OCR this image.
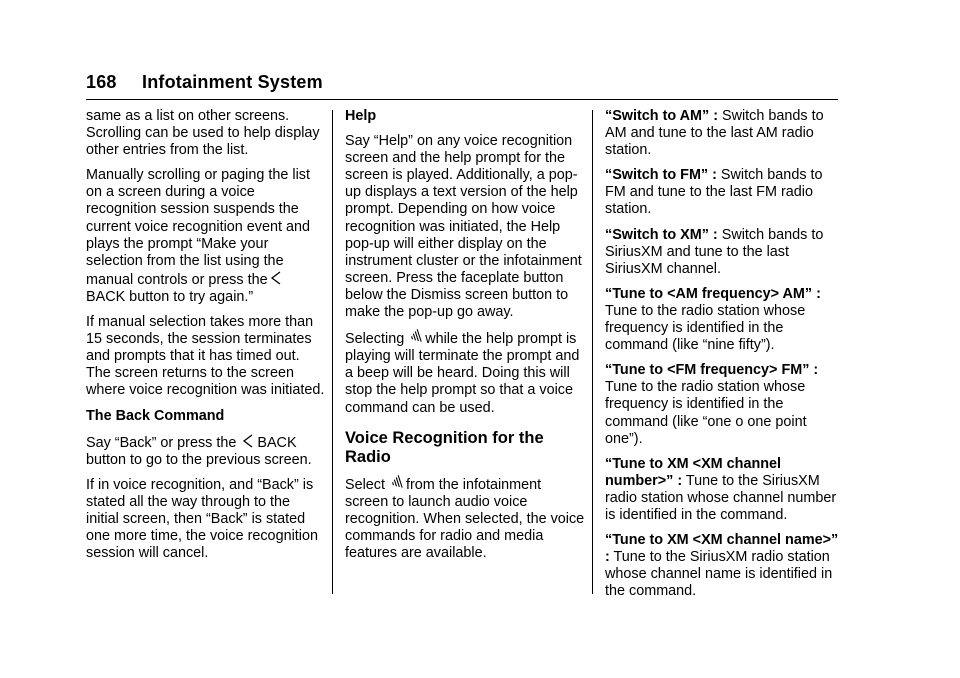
168 Infotainment System

same as a list on other screens. Scrolling can be used to help display other entries from the list.

Manually scrolling or paging the list on a screen during a voice recognition session suspends the current voice recognition event and plays the prompt “Make your selection from the list using the manual controls or press the

BACK button to try again.”

If manual selection takes more than 15 seconds, the session terminates and prompts that it has timed out. The screen returns to the screen where voice recognition was initiated.

The Back Command

Say “Back” or press the BACK button to go to the previous screen.

If in voice recognition, and “Back” is stated all the way through to the initial screen, then “Back” is stated one more time, the voice recognition session will cancel.

Help

Say “Help” on any voice recognition screen and the help prompt for the screen is played. Additionally, a pop-up displays a text version of the help prompt. Depending on how voice recognition was initiated, the Help pop-up will either display on the instrument cluster or the infotainment screen. Press the faceplate button below the Dismiss screen button to make the pop-up go away.

Selecting while the help prompt is playing will terminate the prompt and a beep will be heard. Doing this will stop the help prompt so that a voice command can be used.

Voice Recognition for the Radio

Select from the infotainment screen to launch audio voice recognition. When selected, the voice commands for radio and media features are available.

“Switch to AM” : Switch bands to AM and tune to the last AM radio station.

“Switch to FM” : Switch bands to FM and tune to the last FM radio station.

“Switch to XM” : Switch bands to SiriusXM and tune to the last SiriusXM channel.

“Tune to <AM frequency> AM” : Tune to the radio station whose frequency is identified in the command (like “nine fifty”).

“Tune to <FM frequency> FM” : Tune to the radio station whose frequency is identified in the command (like “one o one point one”).

“Tune to XM <XM channel number>” : Tune to the SiriusXM radio station whose channel number is identified in the command.

“Tune to XM <XM channel name>” : Tune to the SiriusXM radio station whose channel name is identified in the command.
